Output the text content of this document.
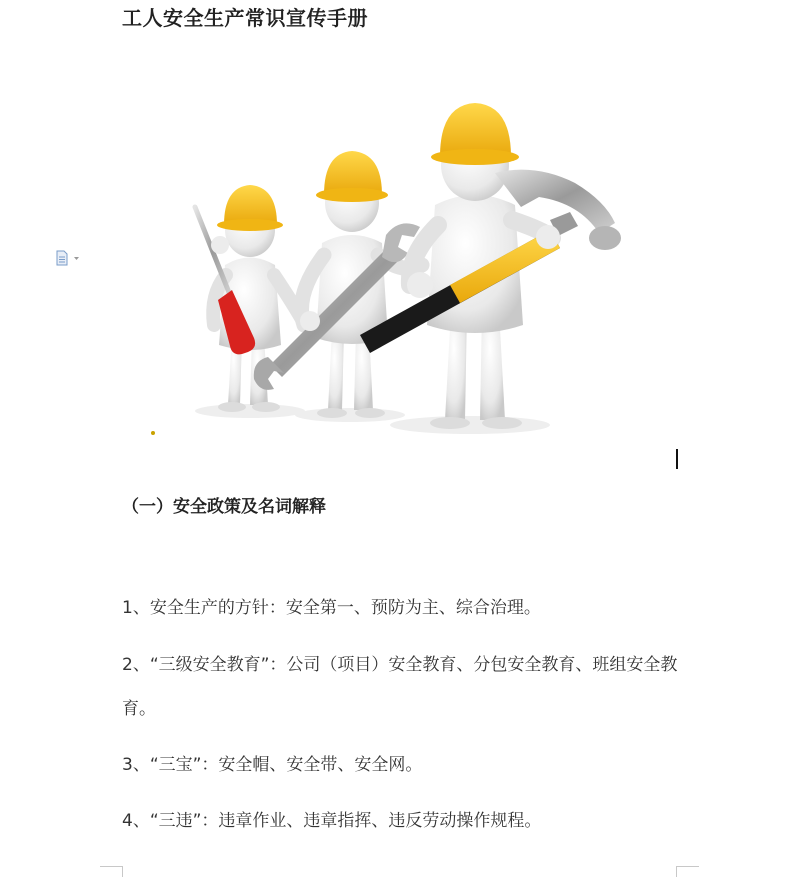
工人安全生产常识宣传手册
（一）安全政策及名词解释
1、安全生产的方针：安全第一、预防为主、综合治理。
2、“三级安全教育”：公司（项目）安全教育、分包安全教育、班组安全教育。
3、“三宝”：安全帽、安全带、安全网。
4、“三违”：违章作业、违章指挥、违反劳动操作规程。
